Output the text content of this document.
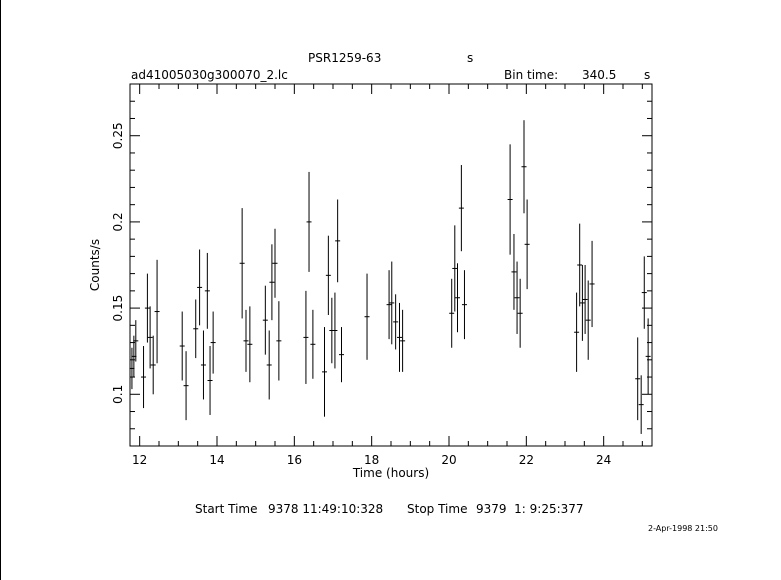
PSR1259-63	s
ad41005030g300070_2.lc	Bin time: 340.5 s
12	14	16	18	20	22	24
0.1
0.15
0.2
0.25
Time (hours)
Counts/s
Start Time 9378 11:49:10:328 Stop Time 9379  1: 9:25:377
2-Apr-1998 21:50
